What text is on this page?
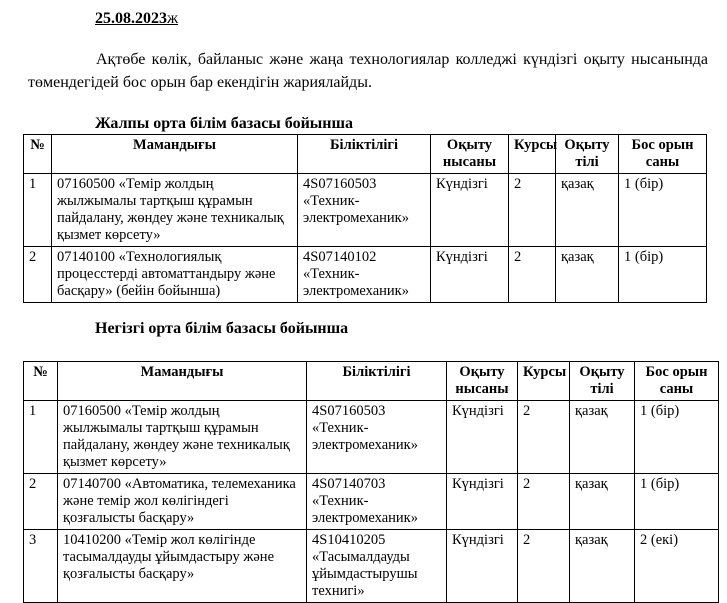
25.08.2023ж
Ақтөбе көлік, байланыс және жаңа технологиялар колледжі күндізгі оқыту нысанында төмендегідей бос орын бар екендігін жариялайды.
Жалпы орта білім базасы бойынша
№	Мамандығы	Біліктілігі	Оқыту нысаны	Курсы	Оқыту тілі	Бос орын саны
1	07160500 «Темір жолдың жылжымалы тартқыш құрамын пайдалану, жөндеу және техникалық қызмет көрсету»	4S07160503 «Техник-электромеханик»	Күндізгі	2	қазақ	1 (бір)
2	07140100 «Технологиялық процесстерді автоматтандыру және басқару» (бейін бойынша)	4S07140102 «Техник-электромеханик»	Күндізгі	2	қазақ	1 (бір)
Негізгі орта білім базасы бойынша
№	Мамандығы	Біліктілігі	Оқыту нысаны	Курсы	Оқыту тілі	Бос орын саны
1	07160500 «Темір жолдың жылжымалы тартқыш құрамын пайдалану, жөндеу және техникалық қызмет көрсету»	4S07160503 «Техник-электромеханик»	Күндізгі	2	қазақ	1 (бір)
2	07140700 «Автоматика, телемеханика және темір жол көлігіндегі қозғалысты басқару»	4S07140703 «Техник-электромеханик»	Күндізгі	2	қазақ	1 (бір)
3	10410200 «Темір жол көлігінде тасымалдауды ұйымдастыру және қозғалысты басқару»	4S10410205 «Тасымалдауды ұйымдастырушы технигі»	Күндізгі	2	қазақ	2 (екі)
